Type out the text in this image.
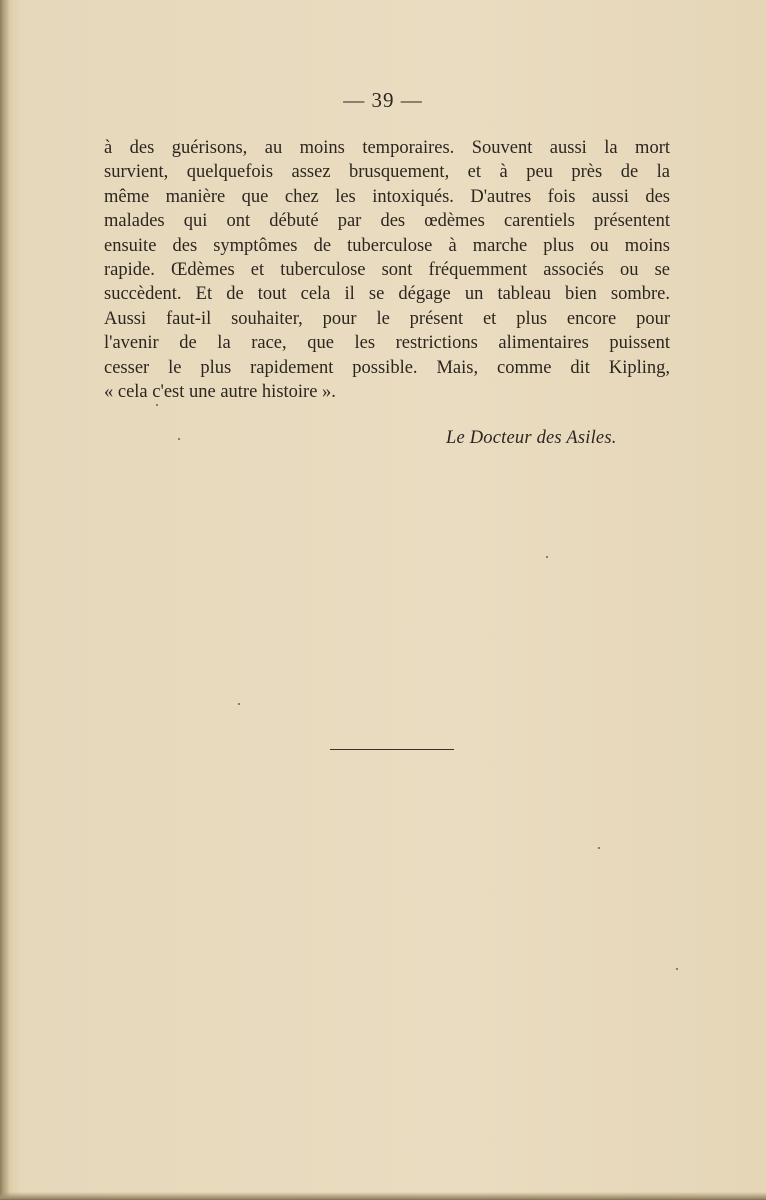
— 39 —

à des guérisons, au moins temporaires. Souvent aussi la mort
survient, quelquefois assez brusquement, et à peu près de la
même manière que chez les intoxiqués. D'autres fois aussi des
malades qui ont débuté par des œdèmes carentiels présentent
ensuite des symptômes de tuberculose à marche plus ou moins
rapide. Œdèmes et tuberculose sont fréquemment associés ou se
succèdent. Et de tout cela il se dégage un tableau bien sombre.
Aussi faut-il souhaiter, pour le présent et plus encore pour
l'avenir de la race, que les restrictions alimentaires puissent
cesser le plus rapidement possible. Mais, comme dit Kipling,
« cela c'est une autre histoire ».

Le Docteur des Asiles.
